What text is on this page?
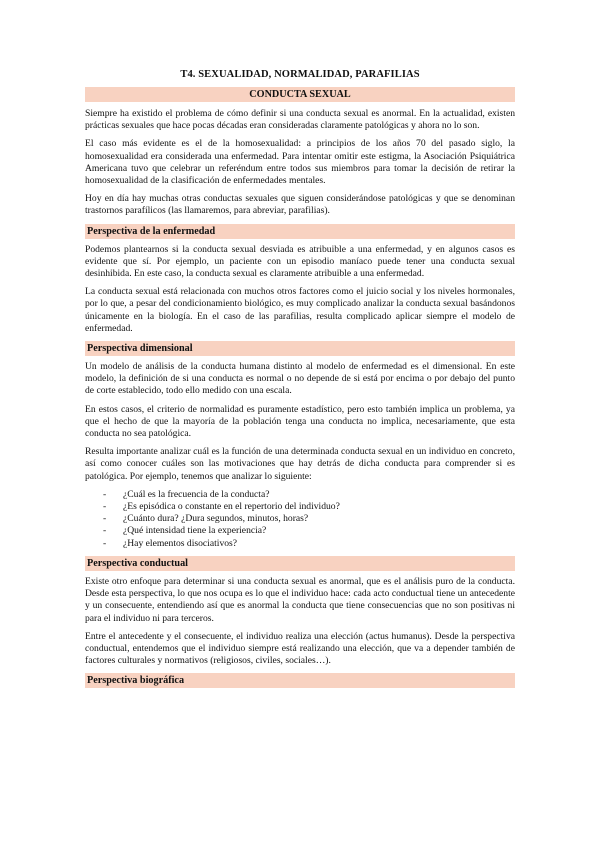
T4. SEXUALIDAD, NORMALIDAD, PARAFILIAS
CONDUCTA SEXUAL

Siempre ha existido el problema de cómo definir si una conducta sexual es anormal. En la actualidad, existen prácticas sexuales que hace pocas décadas eran consideradas claramente patológicas y ahora no lo son.

El caso más evidente es el de la homosexualidad: a principios de los años 70 del pasado siglo, la homosexualidad era considerada una enfermedad. Para intentar omitir este estigma, la Asociación Psiquiátrica Americana tuvo que celebrar un referéndum entre todos sus miembros para tomar la decisión de retirar la homosexualidad de la clasificación de enfermedades mentales.

Hoy en día hay muchas otras conductas sexuales que siguen considerándose patológicas y que se denominan trastornos parafílicos (las llamaremos, para abreviar, parafilias).

Perspectiva de la enfermedad

Podemos plantearnos si la conducta sexual desviada es atribuible a una enfermedad, y en algunos casos es evidente que sí. Por ejemplo, un paciente con un episodio maníaco puede tener una conducta sexual desinhibida. En este caso, la conducta sexual es claramente atribuible a una enfermedad.

La conducta sexual está relacionada con muchos otros factores como el juicio social y los niveles hormonales, por lo que, a pesar del condicionamiento biológico, es muy complicado analizar la conducta sexual basándonos únicamente en la biología. En el caso de las parafilias, resulta complicado aplicar siempre el modelo de enfermedad.

Perspectiva dimensional

Un modelo de análisis de la conducta humana distinto al modelo de enfermedad es el dimensional. En este modelo, la definición de si una conducta es normal o no depende de si está por encima o por debajo del punto de corte establecido, todo ello medido con una escala.

En estos casos, el criterio de normalidad es puramente estadístico, pero esto también implica un problema, ya que el hecho de que la mayoría de la población tenga una conducta no implica, necesariamente, que esta conducta no sea patológica.

Resulta importante analizar cuál es la función de una determinada conducta sexual en un individuo en concreto, así como conocer cuáles son las motivaciones que hay detrás de dicha conducta para comprender si es patológica. Por ejemplo, tenemos que analizar lo siguiente:

- ¿Cuál es la frecuencia de la conducta?
- ¿Es episódica o constante en el repertorio del individuo?
- ¿Cuánto dura? ¿Dura segundos, minutos, horas?
- ¿Qué intensidad tiene la experiencia?
- ¿Hay elementos disociativos?
Perspectiva conductual

Existe otro enfoque para determinar si una conducta sexual es anormal, que es el análisis puro de la conducta. Desde esta perspectiva, lo que nos ocupa es lo que el individuo hace: cada acto conductual tiene un antecedente y un consecuente, entendiendo así que es anormal la conducta que tiene consecuencias que no son positivas ni para el individuo ni para terceros.

Entre el antecedente y el consecuente, el individuo realiza una elección (actus humanus). Desde la perspectiva conductual, entendemos que el individuo siempre está realizando una elección, que va a depender también de factores culturales y normativos (religiosos, civiles, sociales…).

Perspectiva biográfica
